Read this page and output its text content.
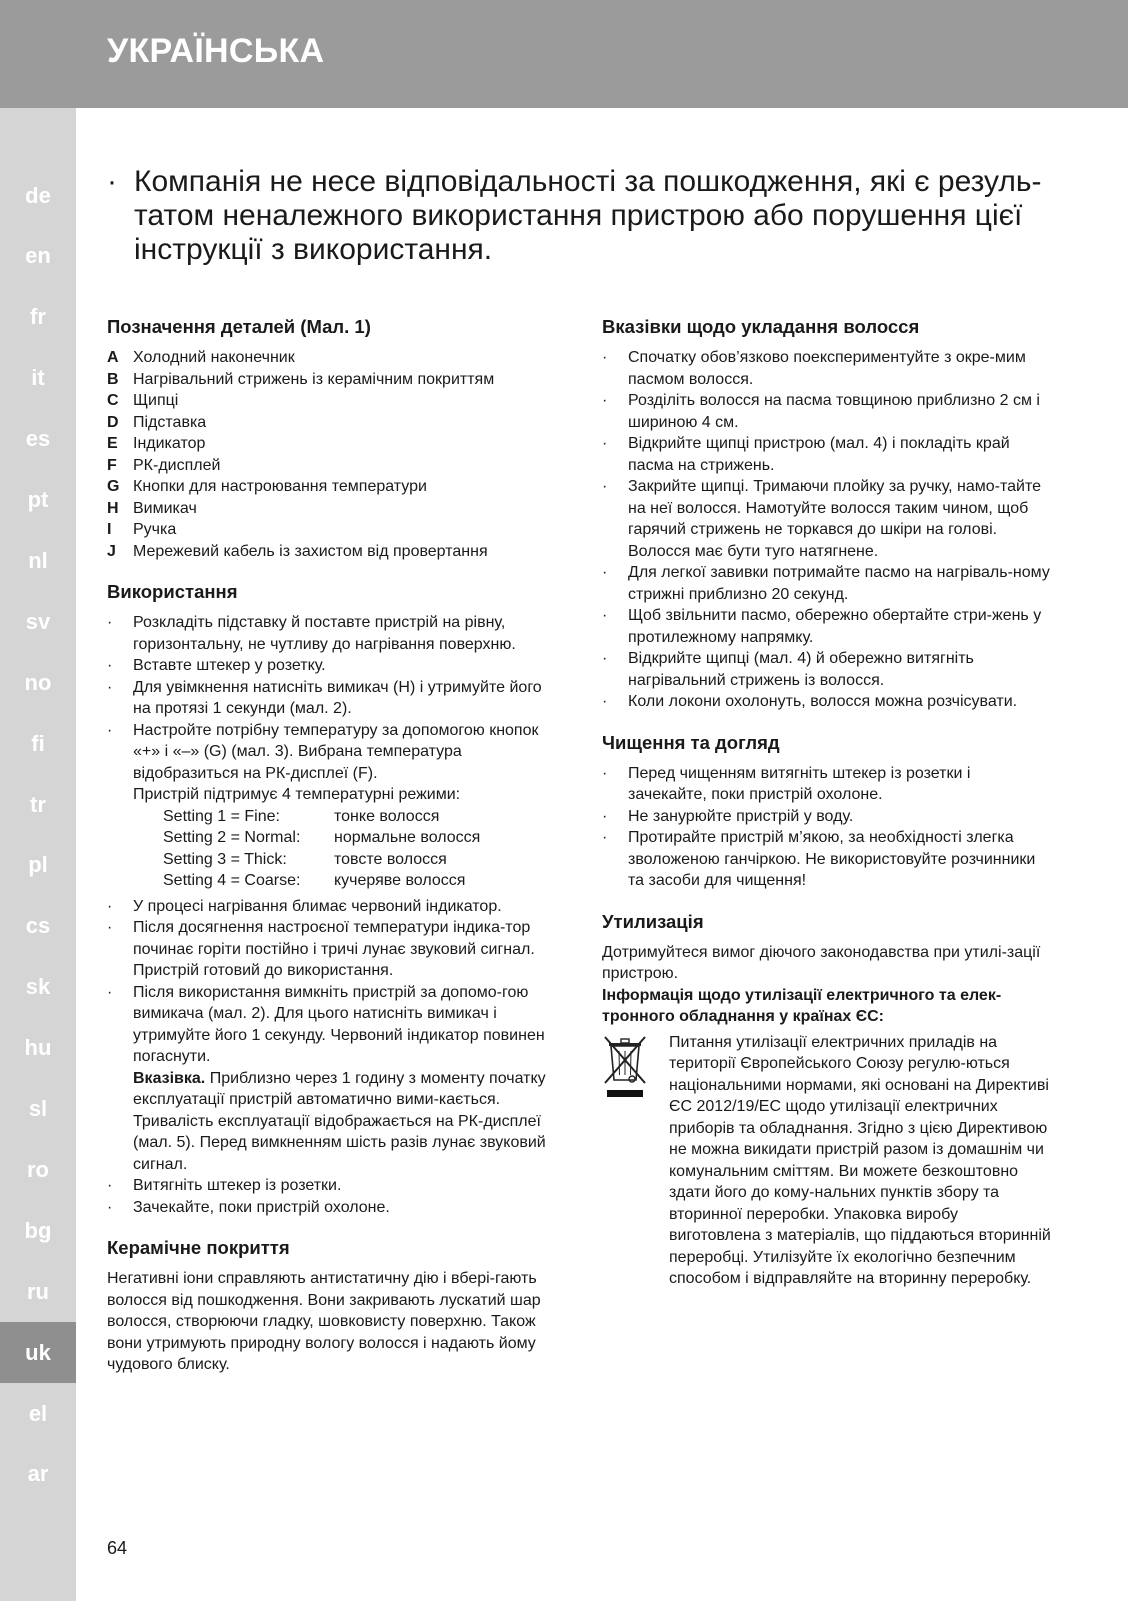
УКРАЇНСЬКА
de
en
fr
it
es
pt
nl
sv
no
fi
tr
pl
cs
sk
hu
sl
ro
bg
ru
uk
el
ar
· Компанія не несе відповідальності за пошкодження, які є резуль-татом неналежного використання пристрою або порушення цієї інструкції з використання.
Позначення деталей (Мал. 1)
A Холодний наконечник
B Нагрівальний стрижень із керамічним покриттям
C Щипці
D Підставка
E Індикатор
F	РК-дисплей
G Кнопки для настроювання температури
H Вимикач
I	Ручка
J	Мережевий кабель із захистом від провертання
Використання
· Розкладіть підставку й поставте пристрій на рівну, горизонтальну, не чутливу до нагрівання поверхню.
· Вставте штекер у розетку.
· Для увімкнення натисніть вимикач (H) і утримуйте його на протязі 1 секунди (мал. 2).
· Настройте потрібну температуру за допомогою кнопок «+» і «–» (G) (мал. 3). Вибрана температура відобразиться на РК-дисплеї (F).
Пристрій підтримує 4 температурні режими:
Setting 1 = Fine:	тонке волосся
Setting 2 = Normal:	нормальне волосся
Setting 3 = Thick:	товсте волосся
Setting 4 = Coarse:	кучеряве волосся
· У процесі нагрівання блимає червоний індикатор.
· Після досягнення настроєної температури індика-тор починає горіти постійно і тричі лунає звуковий сигнал. Пристрій готовий до використання.
· Після використання вимкніть пристрій за допомо-гою вимикача (мал. 2). Для цього натисніть вимикач і утримуйте його 1 секунду. Червоний індикатор повинен погаснути.
Вказівка. Приблизно через 1 годину з моменту початку експлуатації пристрій автоматично вими-кається. Тривалість експлуатації відображається на РК-дисплеї (мал. 5). Перед вимкненням шість разів лунає звуковий сигнал.
· Витягніть штекер із розетки.
· Зачекайте, поки пристрій охолоне.
Керамічне покриття

Негативні іони справляють антистатичну дію і вбері-гають волосся від пошкодження. Вони закривають лускатий шар волосся, створюючи гладку, шовковисту поверхню. Також вони утримують природну вологу волосся і надають йому чудового блиску.

Вказівки щодо укладання волосся
· Спочатку обов’язково поекспериментуйте з окре-мим пасмом волосся.
· Розділіть волосся на пасма товщиною приблизно 2 см і шириною 4 см.
· Відкрийте щипці пристрою (мал. 4) і покладіть край пасма на стрижень.
· Закрийте щипці. Тримаючи плойку за ручку, намо-тайте на неї волосся. Намотуйте волосся таким чином, щоб гарячий стрижень не торкався до шкіри на голові. Волосся має бути туго натягнене.
· Для легкої завивки потримайте пасмо на нагріваль-ному стрижні приблизно 20 секунд.
· Щоб звільнити пасмо, обережно обертайте стри-жень у протилежному напрямку.
· Відкрийте щипці (мал. 4) й обережно витягніть нагрівальний стрижень із волосся.
· Коли локони охолонуть, волосся можна розчісувати.
Чищення та догляд
· Перед чищенням витягніть штекер із розетки і зачекайте, поки пристрій охолоне.
· Не занурюйте пристрій у воду.
· Протирайте пристрій м’якою, за необхідності злегка зволоженою ганчіркою. Не використовуйте розчинники та засоби для чищення!
Утилизація

Дотримуйтеся вимог діючого законодавства при утилі-зації пристрою.

Інформація щодо утилізації електричного та елек-тронного обладнання у країнах ЄС:

Питання утилізації електричних приладів на території Європейського Союзу регулю-ються національними нормами, які основані на Директиві ЄС 2012/19/ЕС щодо утилізації електричних приборів та обладнання. Згідно з цією Директивою не можна викидати пристрій разом із домашнім чи комунальним сміттям. Ви можете безкоштовно здати його до кому-нальних пунктів збору та вторинної переробки. Упаковка виробу виготовлена з матеріалів, що піддаються вторинній переробці. Утилізуйте їх екологічно безпечним способом і відправляйте на вторинну переробку.
64
